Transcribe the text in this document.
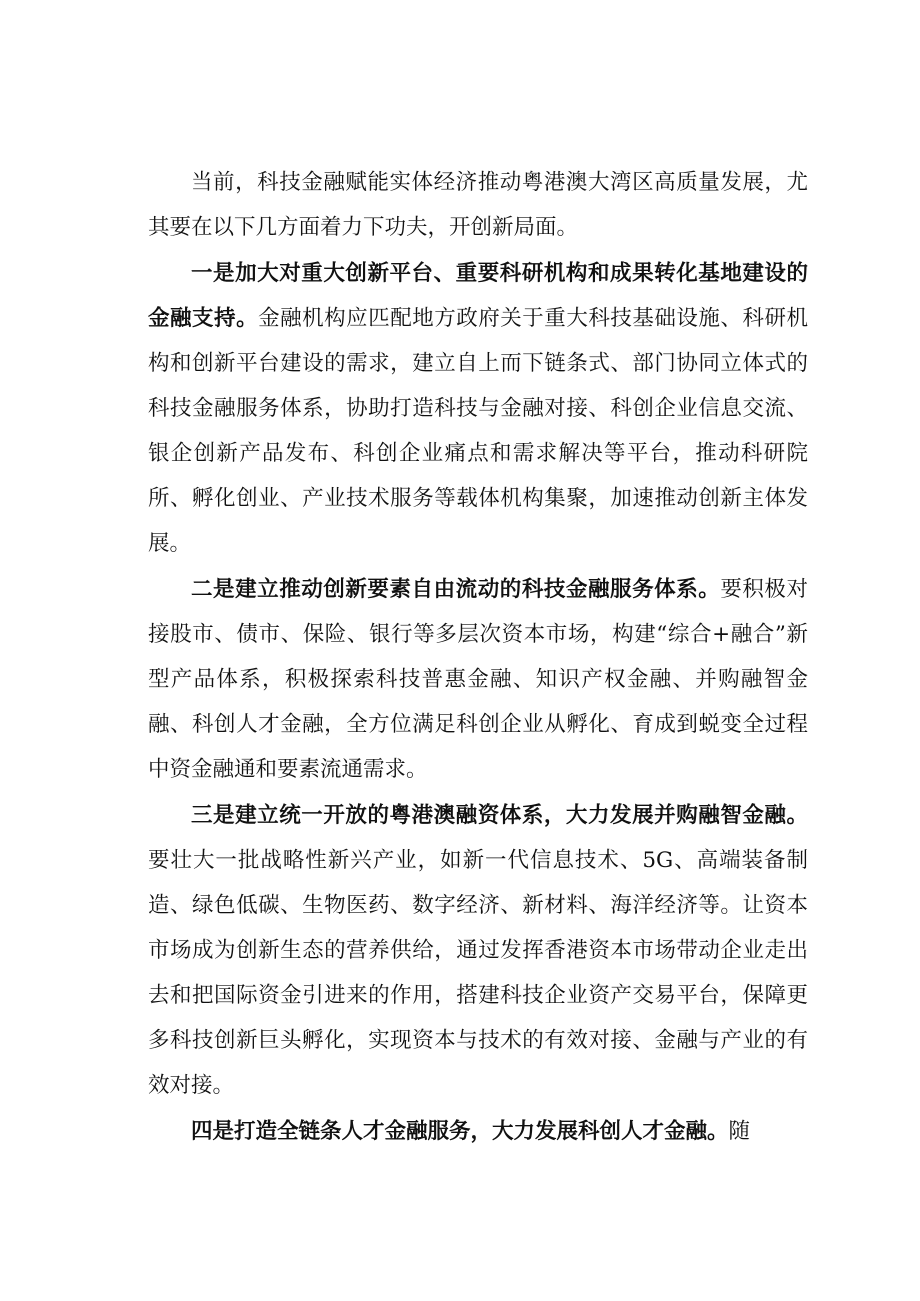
当前，科技金融赋能实体经济推动粤港澳大湾区高质量发展，尤其要在以下几方面着力下功夫，开创新局面。

一是加大对重大创新平台、重要科研机构和成果转化基地建设的金融支持。金融机构应匹配地方政府关于重大科技基础设施、科研机构和创新平台建设的需求，建立自上而下链条式、部门协同立体式的科技金融服务体系，协助打造科技与金融对接、科创企业信息交流、银企创新产品发布、科创企业痛点和需求解决等平台，推动科研院所、孵化创业、产业技术服务等载体机构集聚，加速推动创新主体发展。

二是建立推动创新要素自由流动的科技金融服务体系。要积极对接股市、债市、保险、银行等多层次资本市场，构建“综合+融合”新型产品体系，积极探索科技普惠金融、知识产权金融、并购融智金融、科创人才金融，全方位满足科创企业从孵化、育成到蜕变全过程中资金融通和要素流通需求。

三是建立统一开放的粤港澳融资体系，大力发展并购融智金融。要壮大一批战略性新兴产业，如新一代信息技术、5G、高端装备制造、绿色低碳、生物医药、数字经济、新材料、海洋经济等。让资本市场成为创新生态的营养供给，通过发挥香港资本市场带动企业走出去和把国际资金引进来的作用，搭建科技企业资产交易平台，保障更多科技创新巨头孵化，实现资本与技术的有效对接、金融与产业的有效对接。

四是打造全链条人才金融服务，大力发展科创人才金融。随
